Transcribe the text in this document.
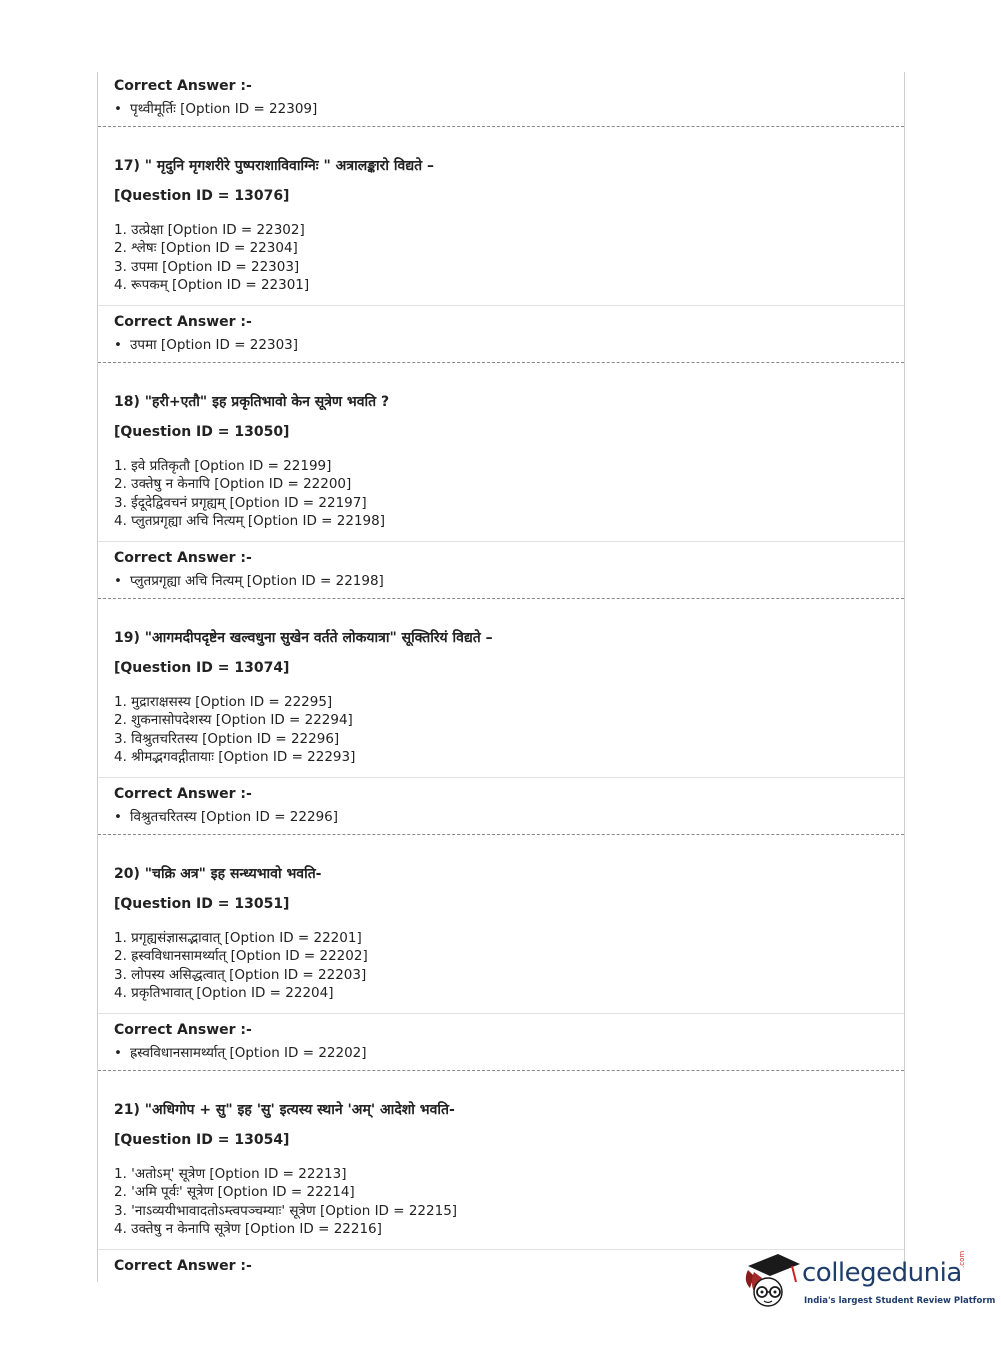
Correct Answer :-
• पृथ्वीमूर्तिः [Option ID = 22309]
17) " मृदुनि मृगशरीरे पुष्पराशाविवाग्निः " अत्रालङ्कारो विद्यते –
[Question ID = 13076]
1. उत्प्रेक्षा [Option ID = 22302]
2. श्लेषः [Option ID = 22304]
3. उपमा [Option ID = 22303]
4. रूपकम् [Option ID = 22301]
Correct Answer :-
• उपमा [Option ID = 22303]
18) "हरी+एतौ" इह प्रकृतिभावो केन सूत्रेण भवति ?
[Question ID = 13050]
1. इवे प्रतिकृतौ [Option ID = 22199]
2. उक्तेषु न केनापि [Option ID = 22200]
3. ईदूदेद्विवचनं प्रगृह्यम् [Option ID = 22197]
4. प्लुतप्रगृह्या अचि नित्यम् [Option ID = 22198]
Correct Answer :-
• प्लुतप्रगृह्या अचि नित्यम् [Option ID = 22198]
19) "आगमदीपदृष्टेन खल्वधुना सुखेन वर्तते लोकयात्रा" सूक्तिरियं विद्यते –
[Question ID = 13074]
1. मुद्राराक्षसस्य [Option ID = 22295]
2. शुकनासोपदेशस्य [Option ID = 22294]
3. विश्रुतचरितस्य [Option ID = 22296]
4. श्रीमद्भगवद्गीतायाः [Option ID = 22293]
Correct Answer :-
• विश्रुतचरितस्य [Option ID = 22296]
20) "चक्रि अत्र" इह सन्ध्यभावो भवति-
[Question ID = 13051]
1. प्रगृह्यसंज्ञासद्भावात् [Option ID = 22201]
2. ह्रस्वविधानसामर्थ्यात् [Option ID = 22202]
3. लोपस्य असिद्धत्वात् [Option ID = 22203]
4. प्रकृतिभावात् [Option ID = 22204]
Correct Answer :-
• ह्रस्वविधानसामर्थ्यात् [Option ID = 22202]
21) "अधिगोप + सु" इह 'सु' इत्यस्य स्थाने 'अम्' आदेशो भवति-
[Question ID = 13054]
1. 'अतोऽम्' सूत्रेण [Option ID = 22213]
2. 'अमि पूर्वः' सूत्रेण [Option ID = 22214]
3. 'नाऽव्ययीभावादतोऽम्त्वपञ्चम्याः' सूत्रेण [Option ID = 22215]
4. उक्तेषु न केनापि सूत्रेण [Option ID = 22216]
Correct Answer :-	collegedunia
.com
India's largest Student Review Platform
